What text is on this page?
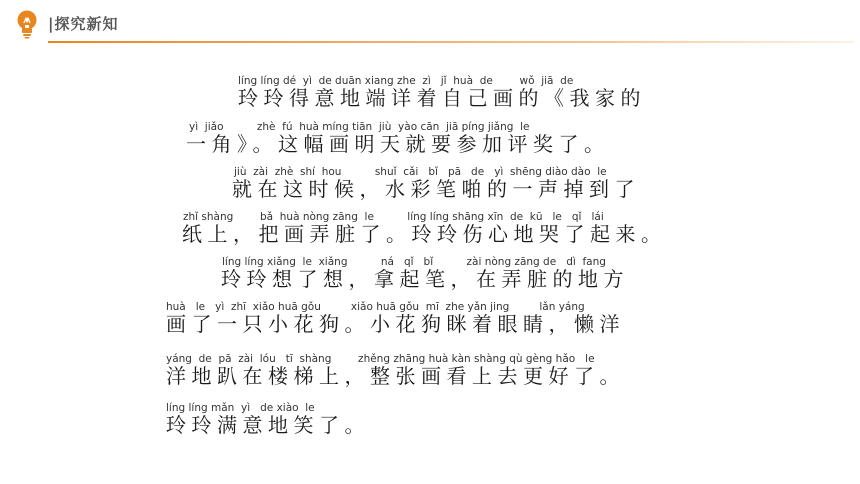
|探究新知
líng líng dé  yì  de duān xiang zhe  zì   jǐ  huà  de        wǒ  jiā  de
玲玲得意地端详着自己画的《我家的
yì  jiǎo          zhè  fú  huà míng tiān  jiù  yào cān  jiā píng jiǎng  le
一角》。这幅画明天就要参加评奖了。
jiù  zài  zhè  shí  hou          shuǐ  cǎi   bǐ   pā   de   yì  shēng diào dào  le
就在这时候，水彩笔啪的一声掉到了
zhǐ shàng        bǎ  huà nòng zāng  le          líng líng shāng xīn  de  kū   le   qǐ   lái
纸上，把画弄脏了。玲玲伤心地哭了起来。
líng líng xiǎng  le  xiǎng          ná   qǐ   bǐ          zài nòng zāng de   dì  fang
玲玲想了想，拿起笔，在弄脏的地方
huà   le   yì  zhī  xiǎo huā gǒu         xiǎo huā gǒu  mī  zhe yǎn jing         lǎn yáng
画了一只小花狗。小花狗眯着眼睛，懒洋
yáng  de  pā  zài  lóu   tī  shàng        zhěng zhāng huà kàn shàng qù gèng hǎo   le
洋地趴在楼梯上，整张画看上去更好了。
líng líng mǎn  yì   de xiào  le
玲玲满意地笑了。
